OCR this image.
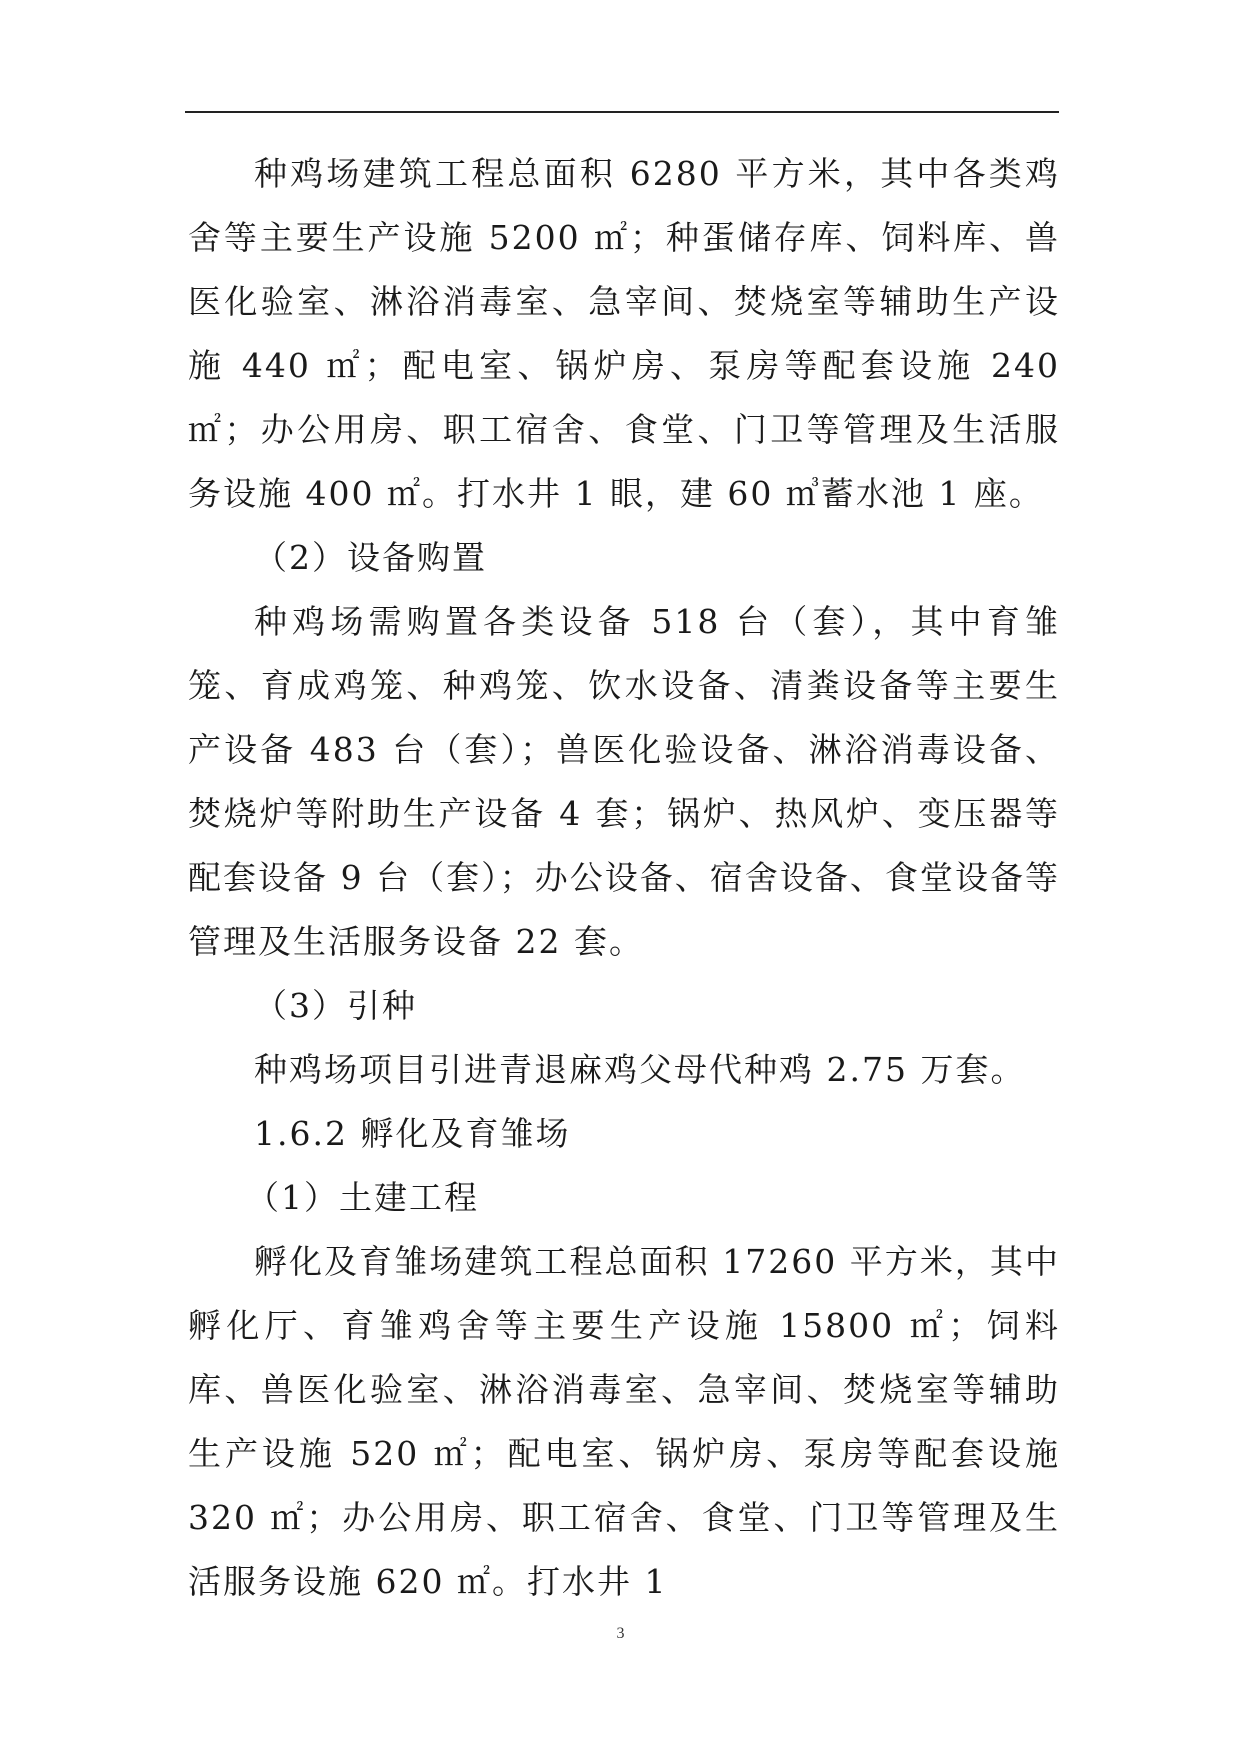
种鸡场建筑工程总面积 6280 平方米，其中各类鸡舍等主要生产设施 5200 ㎡；种蛋储存库、饲料库、兽医化验室、淋浴消毒室、急宰间、焚烧室等辅助生产设施 440 ㎡；配电室、锅炉房、泵房等配套设施 240 ㎡；办公用房、职工宿舍、食堂、门卫等管理及生活服务设施 400 ㎡。打水井 1 眼，建 60 ㎥蓄水池 1 座。

（2）设备购置

种鸡场需购置各类设备 518 台（套），其中育雏笼、育成鸡笼、种鸡笼、饮水设备、清粪设备等主要生产设备 483 台（套）；兽医化验设备、淋浴消毒设备、焚烧炉等附助生产设备 4 套；锅炉、热风炉、变压器等配套设备 9 台（套）；办公设备、宿舍设备、食堂设备等管理及生活服务设备 22 套。

（3）引种

种鸡场项目引进青退麻鸡父母代种鸡 2.75 万套。

1.6.2 孵化及育雏场

（1）土建工程

孵化及育雏场建筑工程总面积 17260 平方米，其中孵化厅、育雏鸡舍等主要生产设施 15800 ㎡；饲料库、兽医化验室、淋浴消毒室、急宰间、焚烧室等辅助生产设施 520 ㎡；配电室、锅炉房、泵房等配套设施 320 ㎡；办公用房、职工宿舍、食堂、门卫等管理及生活服务设施 620 ㎡。打水井 1

3
